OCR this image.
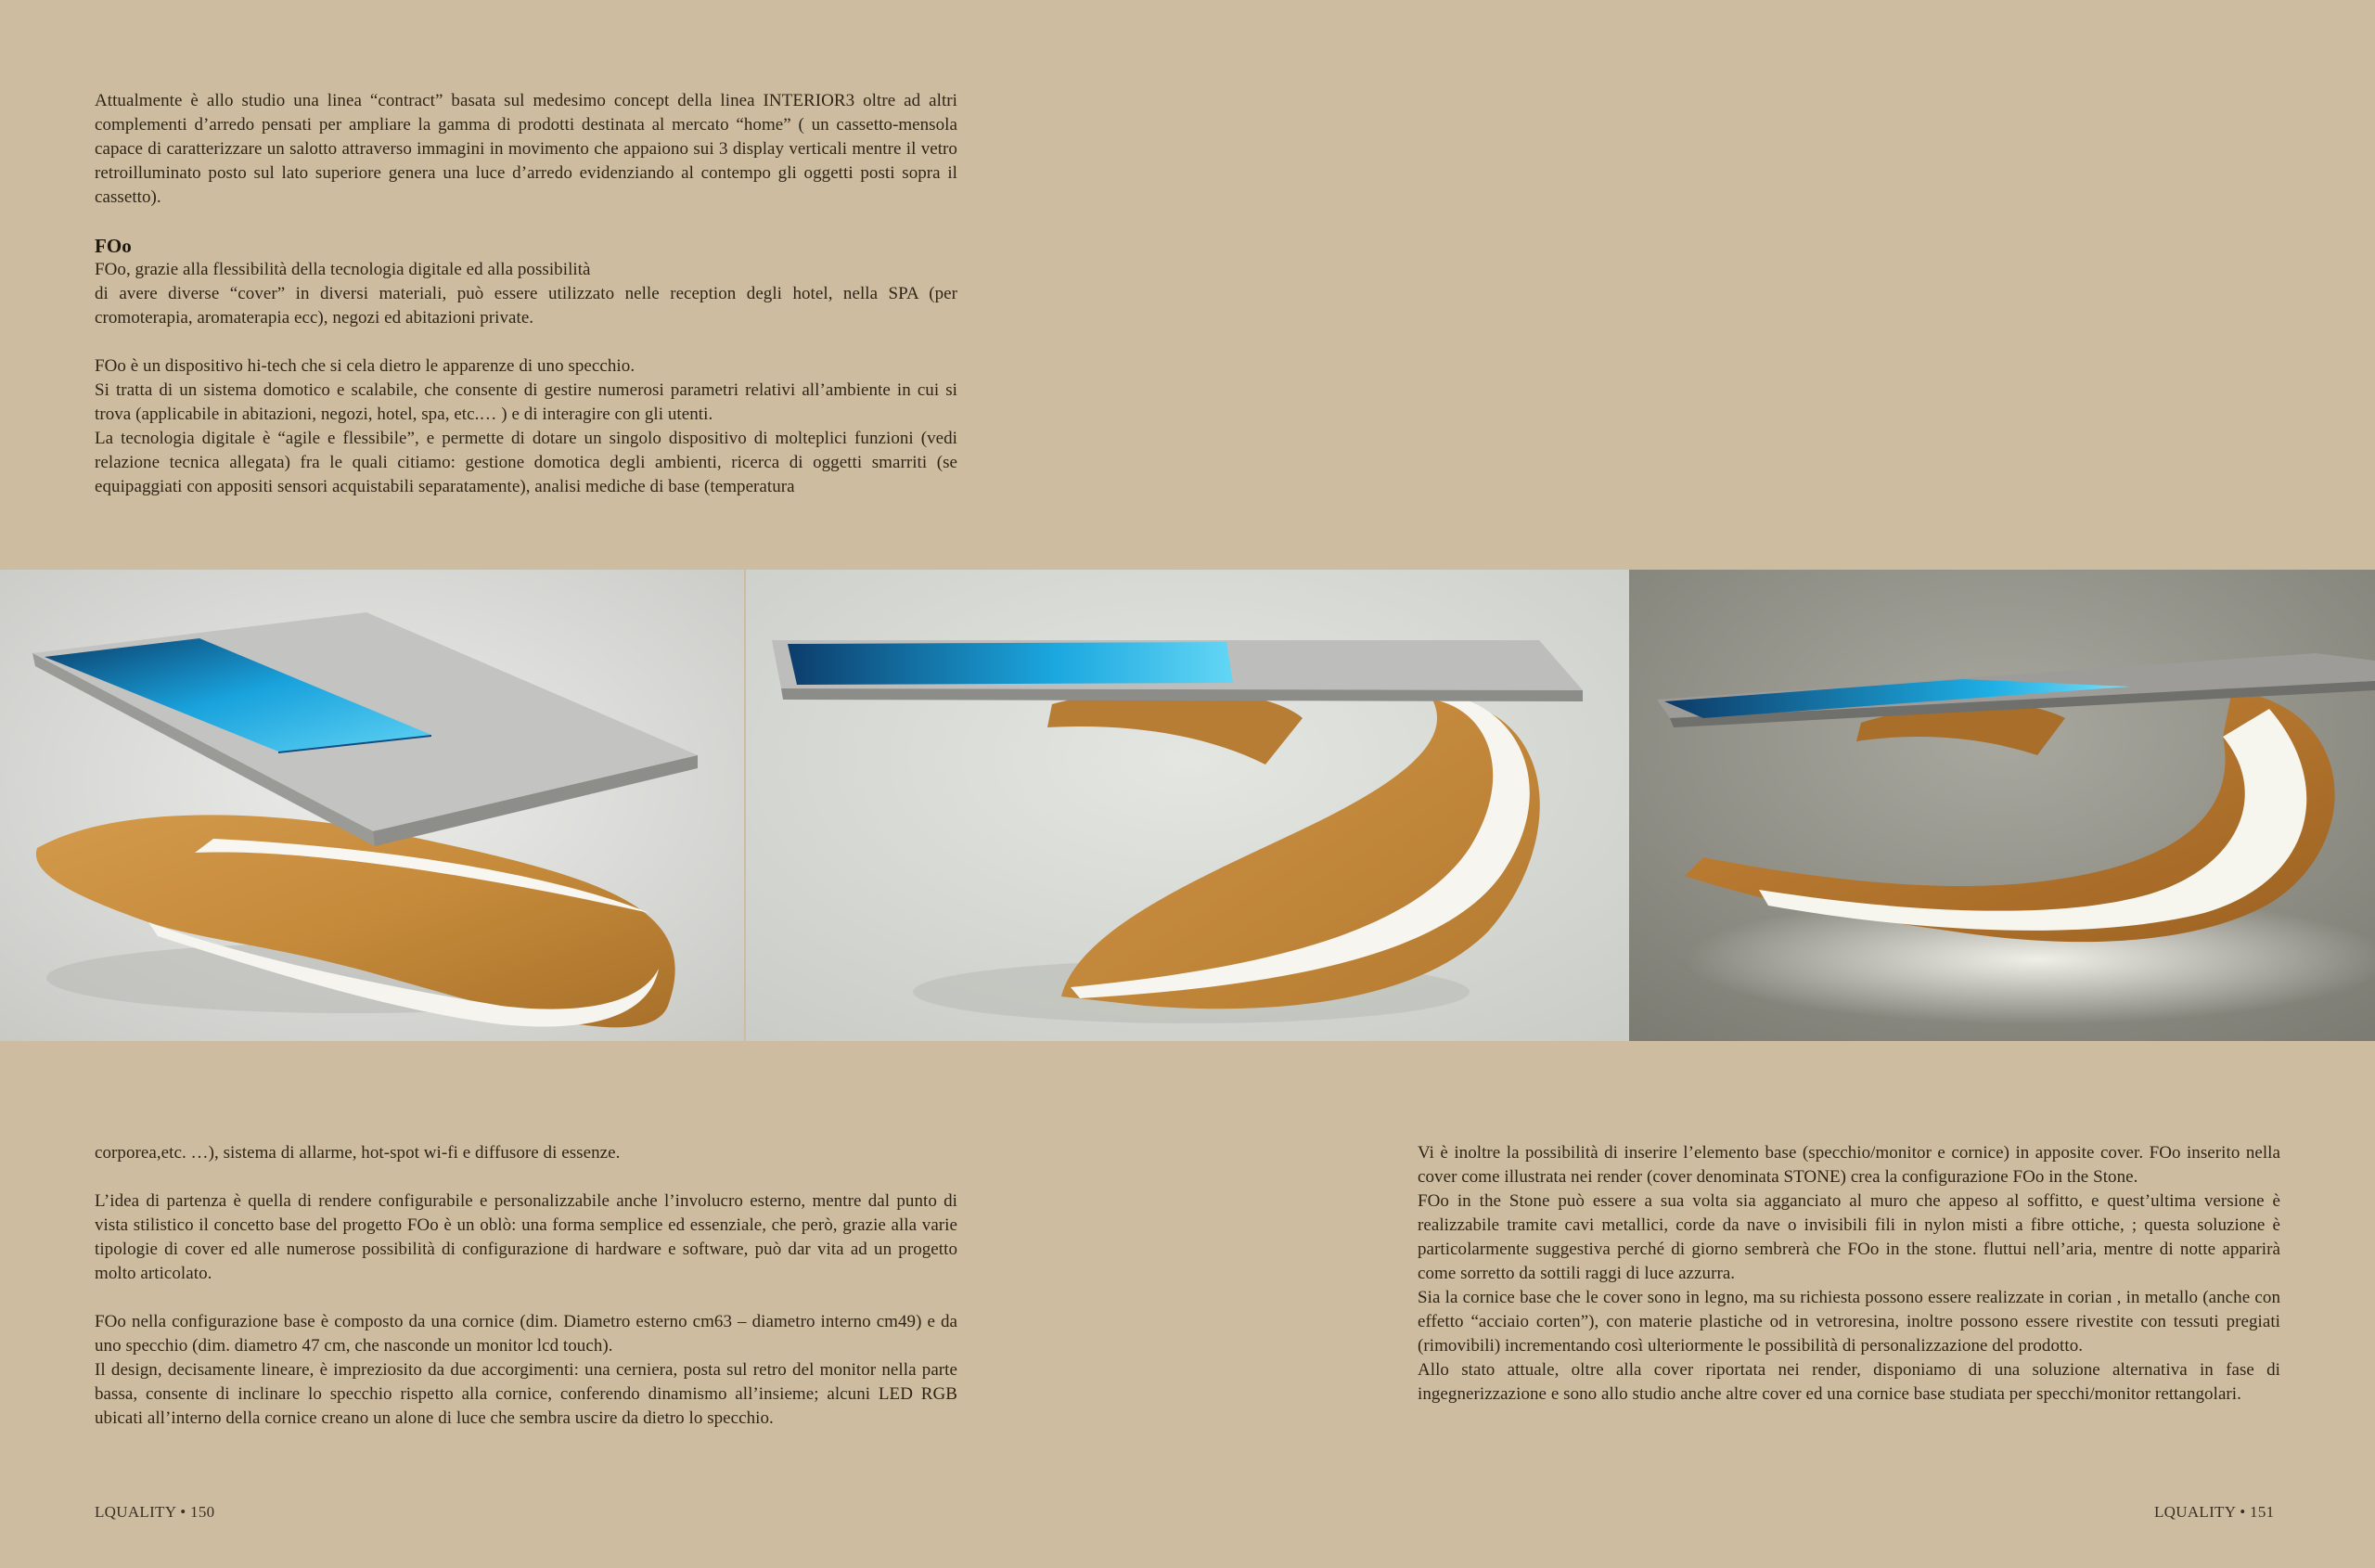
Attualmente è allo studio una linea “contract” basata sul medesimo concept della linea INTERIOR3 oltre ad altri complementi d’arredo pensati per ampliare la gamma di prodotti destinata al mercato “home” ( un cassetto-mensola capace di caratterizzare un salotto attraverso immagini in movimento che appaiono sui 3 display verticali mentre il vetro retroilluminato posto sul lato superiore genera una luce d’arredo evidenziando al contempo gli oggetti posti sopra il cassetto).

FOo

FOo, grazie alla flessibilità della tecnologia digitale ed alla possibilità

di avere diverse “cover” in diversi materiali, può essere utilizzato nelle reception degli hotel, nella SPA (per cromoterapia, aromaterapia ecc), negozi ed abitazioni private.

FOo è un dispositivo hi-tech che si cela dietro le apparenze di uno specchio.

Si tratta di un sistema domotico e scalabile, che consente di gestire numerosi parametri relativi all’ambiente in cui si trova (applicabile in abitazioni, negozi, hotel, spa, etc.… ) e di interagire con gli utenti.

La tecnologia digitale è “agile e flessibile”, e permette di dotare un singolo dispositivo di molteplici funzioni (vedi relazione tecnica allegata) fra le quali citiamo: gestione domotica degli ambienti, ricerca di oggetti smarriti (se equipaggiati con appositi sensori acquistabili separatamente), analisi mediche di base (temperatura

corporea,etc. …), sistema di allarme, hot-spot wi-fi e diffusore di essenze.

L’idea di partenza è quella di rendere configurabile e personalizzabile anche l’involucro esterno, mentre dal punto di vista stilistico il concetto base del progetto FOo è un oblò: una forma semplice ed essenziale, che però, grazie alla varie tipologie di cover ed alle numerose possibilità di configurazione di hardware e software, può dar vita ad un progetto molto articolato.

FOo nella configurazione base è composto da una cornice (dim. Diametro esterno cm63 – diametro interno cm49) e da uno specchio (dim. diametro 47 cm, che nasconde un monitor lcd touch).

Il design, decisamente lineare, è impreziosito da due accorgimenti: una cerniera, posta sul retro del monitor nella parte bassa, consente di inclinare lo specchio rispetto alla cornice, conferendo dinamismo all’insieme; alcuni LED RGB ubicati all’interno della cornice creano un alone di luce che sembra uscire da dietro lo specchio.

Vi è inoltre la possibilità di inserire l’elemento base (specchio/monitor e cornice) in apposite cover. FOo inserito nella cover come illustrata nei render (cover denominata STONE) crea la configurazione FOo in the Stone.

FOo in the Stone può essere a sua volta sia agganciato al muro che appeso al soffitto, e quest’ultima versione è realizzabile tramite cavi metallici, corde da nave o invisibili fili in nylon misti a fibre ottiche, ; questa soluzione è particolarmente suggestiva perché di giorno sembrerà che FOo in the stone. fluttui nell’aria, mentre di notte apparirà come sorretto da sottili raggi di luce azzurra.

Sia la cornice base che le cover sono in legno, ma su richiesta possono essere realizzate in corian , in metallo (anche con effetto “acciaio corten”), con materie plastiche od in vetroresina, inoltre possono essere rivestite con tessuti pregiati (rimovibili) incrementando così ulteriormente le possibilità di personalizzazione del prodotto.

Allo stato attuale, oltre alla cover riportata nei render, disponiamo di una soluzione alternativa in fase di ingegnerizzazione e sono allo studio anche altre cover ed una cornice base studiata per specchi/monitor rettangolari.

LQUALITY • 150	LQUALITY • 151
